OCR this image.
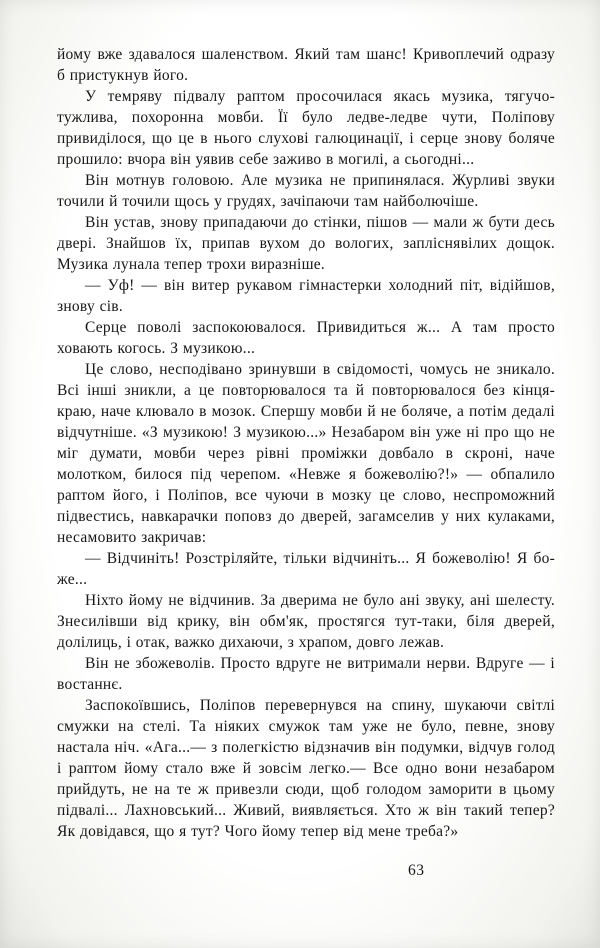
йому вже здавалося шаленством. Який там шанс! Кривоплечий одразу б пристукнув його.

У темряву підвалу раптом просочилася якась музика, тягучо-тужлива, похоронна мовби. Її було ледве-ледве чути, Поліпову привиділося, що це в нього слухові галюцинації, і серце знову боляче прошило: вчора він уявив себе заживо в могилі, а сьогодні...

Він мотнув головою. Але музика не припинялася. Журливі звуки точили й точили щось у грудях, зачіпаючи там найболючіше.

Він устав, знову припадаючи до стінки, пішов — мали ж бути десь двері. Знайшов їх, припав вухом до вологих, запліснявілих дощок. Музика лунала тепер трохи виразніше.

— Уф! — він витер рукавом гімнастерки холодний піт, відійшов, знову сів.

Серце поволі заспокоювалося. Привидиться ж... А там просто ховають когось. З музикою...

Це слово, несподівано зринувши в свідомості, чомусь не зникало. Всі інші зникли, а це повторювалося та й повторювалося без кінця-краю, наче клювало в мозок. Спершу мовби й не боляче, а потім дедалі відчутніше. «З музикою! З музикою...» Незабаром він уже ні про що не міг думати, мовби через рівні проміжки довбало в скроні, наче молотком, билося під черепом. «Невже я божеволію?!» — обпалило раптом його, і Поліпов, все чуючи в мозку це слово, неспроможний підвестись, навкарачки поповз до дверей, загамселив у них кулаками, несамовито закричав:

— Відчиніть! Розстріляйте, тільки відчиніть... Я божеволію! Я бо-же...

Ніхто йому не відчинив. За дверима не було ані звуку, ані шелесту. Знесилівши від крику, він обм'як, простягся тут-таки, біля дверей, долілиць, і отак, важко дихаючи, з храпом, довго лежав.

Він не збожеволів. Просто вдруге не витримали нерви. Вдруге — і востаннє.

Заспокоївшись, Поліпов перевернувся на спину, шукаючи світлі смужки на стелі. Та ніяких смужок там уже не було, певне, знову настала ніч. «Ага...— з полегкістю відзначив він подумки, відчув голод і раптом йому стало вже й зовсім легко.— Все одно вони незабаром прийдуть, не на те ж привезли сюди, щоб голодом заморити в цьому підвалі... Лахновський... Живий, виявляється. Хто ж він такий тепер? Як довідався, що я тут? Чого йому тепер від мене треба?»

63
